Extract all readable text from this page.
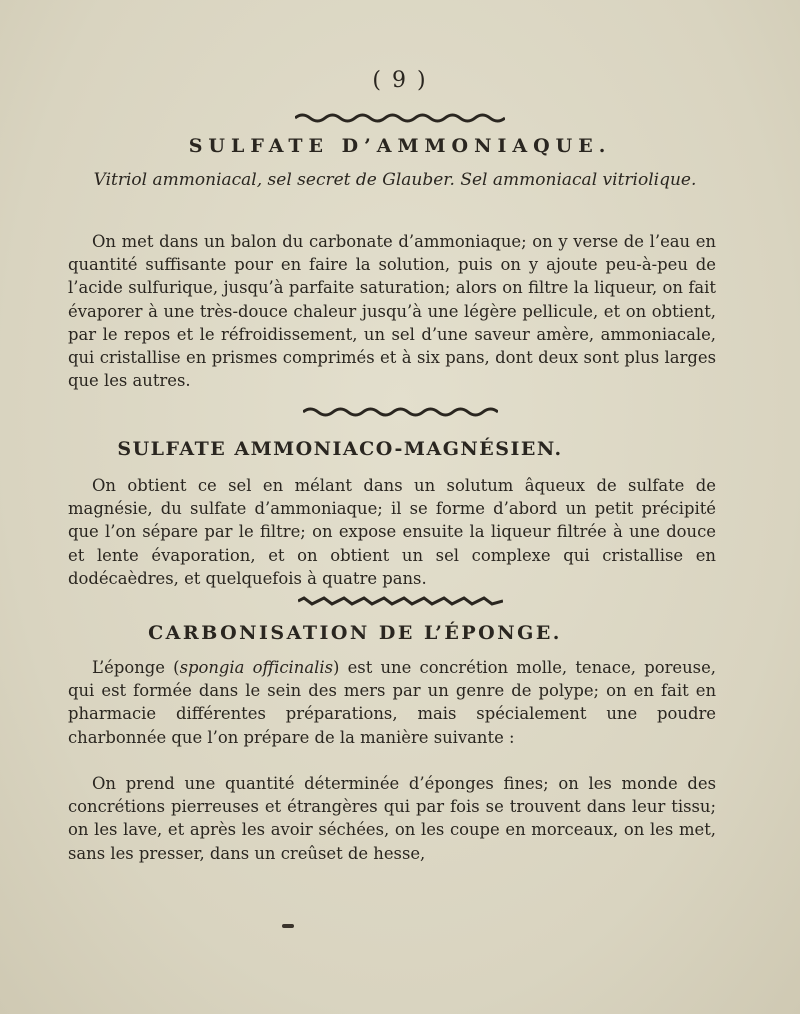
( 9 )
SULFATE D’AMMONIAQUE.
Vitriol ammoniacal, sel secret de Glauber. Sel ammoniacal vitriolique.

On met dans un balon du carbonate d’ammoniaque; on y verse de l’eau en quantité suffisante pour en faire la solution, puis on y ajoute peu-à-peu de l’acide sulfurique, jusqu’à parfaite saturation; alors on filtre la liqueur, on fait évaporer à une très-douce chaleur jusqu’à une légère pellicule, et on obtient, par le repos et le réfroidissement, un sel d’une saveur amère, ammoniacale, qui cristallise en prismes comprimés et à six pans, dont deux sont plus larges que les autres.

SULFATE AMMONIACO-MAGNÉSIEN.

On obtient ce sel en mélant dans un solutum âqueux de sulfate de magnésie, du sulfate d’ammoniaque; il se forme d’abord un petit précipité que l’on sépare par le filtre; on expose ensuite la liqueur filtrée à une douce et lente évaporation, et on obtient un sel complexe qui cristallise en dodécaèdres, et quelquefois à quatre pans.

CARBONISATION DE L’ÉPONGE.

L’éponge (spongia officinalis) est une concrétion molle, tenace, poreuse, qui est formée dans le sein des mers par un genre de polype; on en fait en pharmacie différentes préparations, mais spécialement une poudre charbonnée que l’on prépare de la manière suivante :

On prend une quantité déterminée d’éponges fines; on les monde des concrétions pierreuses et étrangères qui par fois se trouvent dans leur tissu; on les lave, et après les avoir séchées, on les coupe en morceaux, on les met, sans les presser, dans un creûset de hesse,
